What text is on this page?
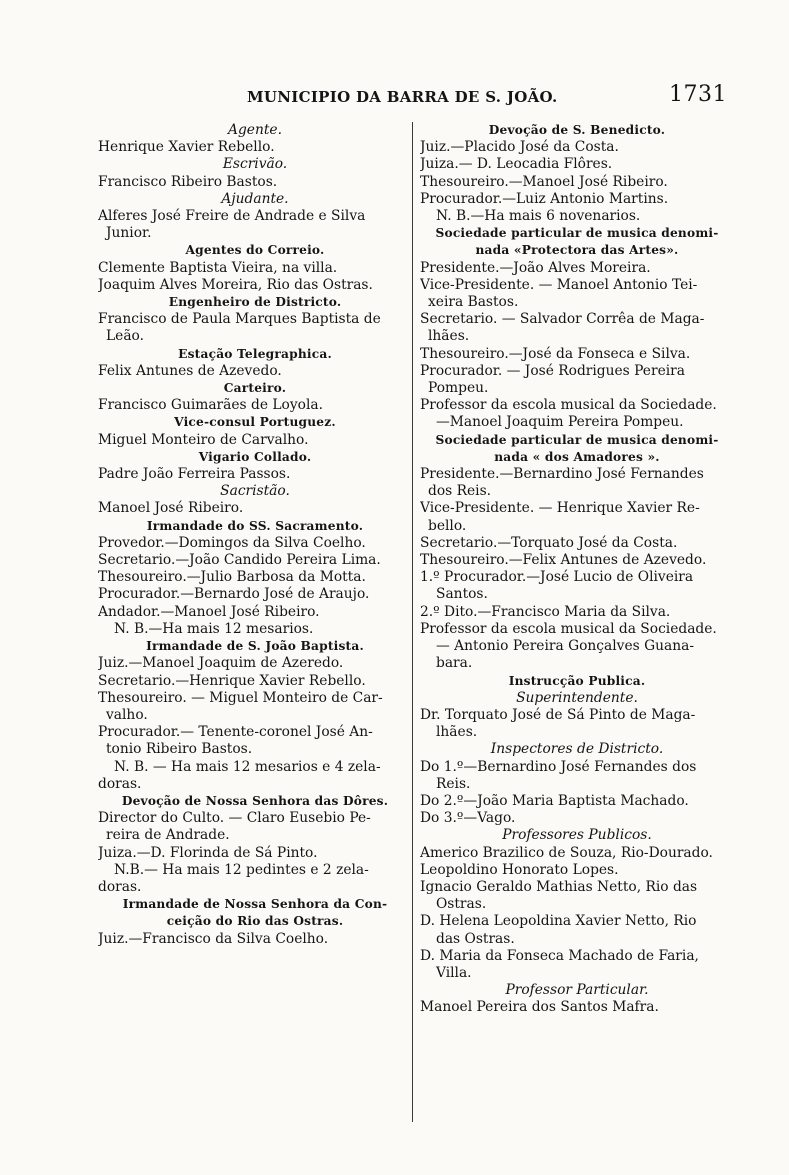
MUNICIPIO DA BARRA DE S. JOÃO.	1731
Agente.
Henrique Xavier Rebello.
Escrivão.
Francisco Ribeiro Bastos.
Ajudante.
Alferes José Freire de Andrade e Silva
Junior.
Agentes do Correio.
Clemente Baptista Vieira, na villa.
Joaquim Alves Moreira, Rio das Ostras.
Engenheiro de Districto.
Francisco de Paula Marques Baptista de
Leão.
Estação Telegraphica.
Felix Antunes de Azevedo.
Carteiro.
Francisco Guimarães de Loyola.
Vice-consul Portuguez.
Miguel Monteiro de Carvalho.
Vigario Collado.
Padre João Ferreira Passos.
Sacristão.
Manoel José Ribeiro.
Irmandade do SS. Sacramento.
Provedor.—Domingos da Silva Coelho.
Secretario.—João Candido Pereira Lima.
Thesoureiro.—Julio Barbosa da Motta.
Procurador.—Bernardo José de Araujo.
Andador.—Manoel José Ribeiro.
N. B.—Ha mais 12 mesarios.
Irmandade de S. João Baptista.
Juiz.—Manoel Joaquim de Azeredo.
Secretario.—Henrique Xavier Rebello.
Thesoureiro. — Miguel Monteiro de Car-
valho.
Procurador.— Tenente-coronel José An-
tonio Ribeiro Bastos.
N. B. — Ha mais 12 mesarios e 4 zela-
doras.
Devoção de Nossa Senhora das Dôres.
Director do Culto. — Claro Eusebio Pe-
reira de Andrade.
Juiza.—D. Florinda de Sá Pinto.
N.B.— Ha mais 12 pedintes e 2 zela-
doras.
Irmandade de Nossa Senhora da Con-
ceição do Rio das Ostras.
Juiz.—Francisco da Silva Coelho.
Devoção de S. Benedicto.
Juiz.—Placido José da Costa.
Juiza.— D. Leocadia Flôres.
Thesoureiro.—Manoel José Ribeiro.
Procurador.—Luiz Antonio Martins.
N. B.—Ha mais 6 novenarios.
Sociedade particular de musica denomi-
nada «Protectora das Artes».
Presidente.—João Alves Moreira.
Vice-Presidente. — Manoel Antonio Tei-
xeira Bastos.
Secretario. — Salvador Corrêa de Maga-
lhães.
Thesoureiro.—José da Fonseca e Silva.
Procurador. — José Rodrigues Pereira
Pompeu.
Professor da escola musical da Sociedade.
—Manoel Joaquim Pereira Pompeu.
Sociedade particular de musica denomi-
nada « dos Amadores ».
Presidente.—Bernardino José Fernandes
dos Reis.
Vice-Presidente. — Henrique Xavier Re-
bello.
Secretario.—Torquato José da Costa.
Thesoureiro.—Felix Antunes de Azevedo.
1.º Procurador.—José Lucio de Oliveira
Santos.
2.º Dito.—Francisco Maria da Silva.
Professor da escola musical da Sociedade.
— Antonio Pereira Gonçalves Guana-
bara.
Instrucção Publica.
Superintendente.
Dr. Torquato José de Sá Pinto de Maga-
lhães.
Inspectores de Districto.
Do 1.º—Bernardino José Fernandes dos
Reis.
Do 2.º—João Maria Baptista Machado.
Do 3.º—Vago.
Professores Publicos.
Americo Brazilico de Souza, Rio-Dourado.
Leopoldino Honorato Lopes.
Ignacio Geraldo Mathias Netto, Rio das
Ostras.
D. Helena Leopoldina Xavier Netto, Rio
das Ostras.
D. Maria da Fonseca Machado de Faria,
Villa.
Professor Particular.
Manoel Pereira dos Santos Mafra.
